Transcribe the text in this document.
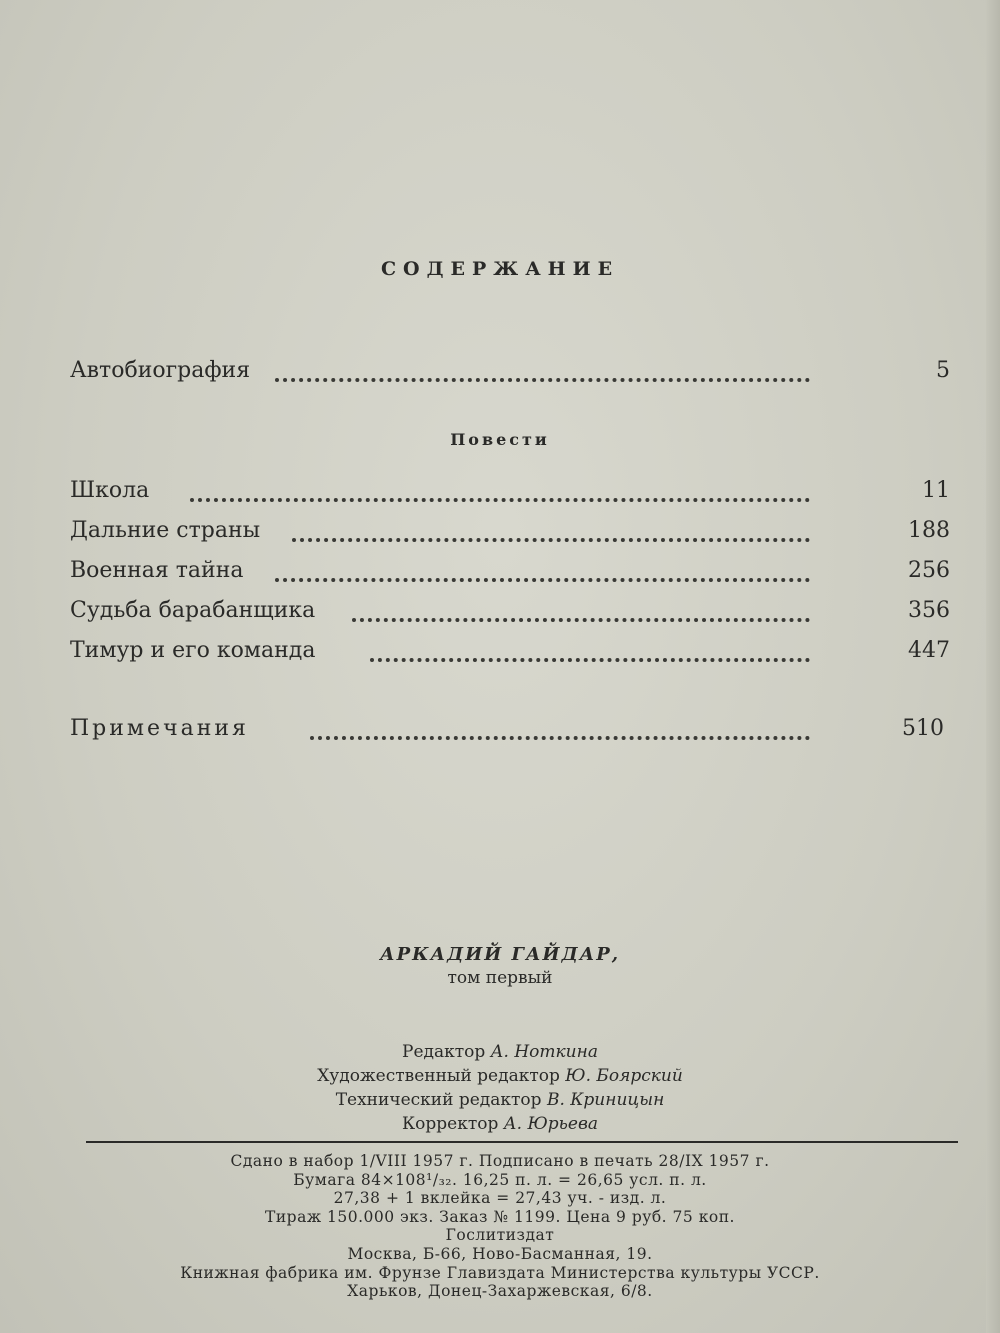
СОДЕРЖАНИЕ
Автобиография	5
Повести
Школа	11
Дальние страны	188
Военная тайна	256
Судьба барабанщика	356
Тимур и его команда	447
Примечания	510
АРКАДИЙ ГАЙДАР,
том первый
Редактор А. Ноткина
Художественный редактор Ю. Боярский
Технический редактор В. Криницын
Корректор А. Юрьева
Сдано в набор 1/VIII 1957 г. Подписано в печать 28/IX 1957 г.
Бумага 84×108¹/₃₂. 16,25 п. л. = 26,65 усл. п. л.
27,38 + 1 вклейка = 27,43 уч. - изд. л.
Тираж 150.000 экз. Заказ № 1199. Цена 9 руб. 75 коп.
Гослитиздат
Москва, Б-66, Ново-Басманная, 19.
Книжная фабрика им. Фрунзе Главиздата Министерства культуры УССР.
Харьков, Донец-Захаржевская, 6/8.
